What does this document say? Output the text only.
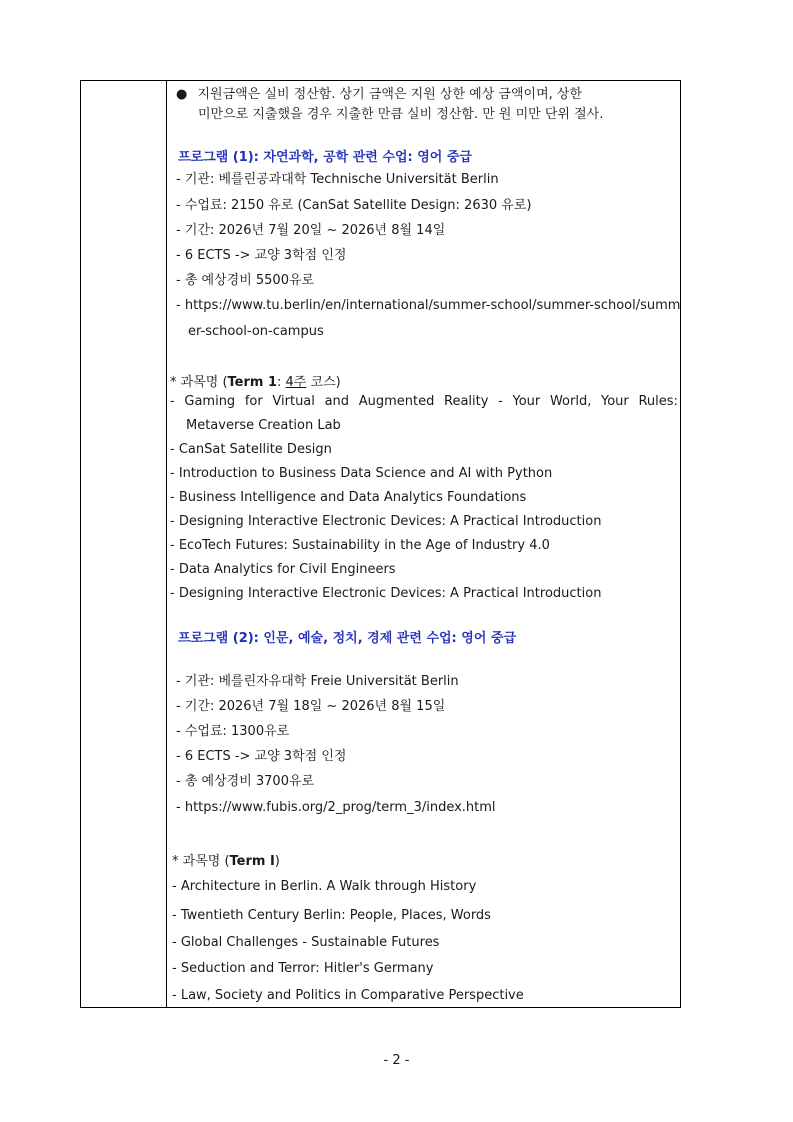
● 지원금액은 실비 정산함. 상기 금액은 지원 상한 예상 금액이며, 상한
미만으로 지출했을 경우 지출한 만큼 실비 정산함. 만 원 미만 단위 절사.
프로그램 (1): 자연과학, 공학 관련 수업: 영어 중급
- 기관: 베를린공과대학 Technische Universität Berlin
- 수업료: 2150 유로 (CanSat Satellite Design: 2630 유로)
- 기간: 2026년 7월 20일 ~ 2026년 8월 14일
- 6 ECTS -> 교양 3학점 인정
- 총 예상경비 5500유로
- https://www.tu.berlin/en/international/summer-school/summer-school/summ
er-school-on-campus
* 과목명 (Term 1: 4주 코스)
- Gaming for Virtual and Augmented Reality - Your World, Your Rules:
Metaverse Creation Lab
- CanSat Satellite Design
- Introduction to Business Data Science and AI with Python
- Business Intelligence and Data Analytics Foundations
- Designing Interactive Electronic Devices: A Practical Introduction
- EcoTech Futures: Sustainability in the Age of Industry 4.0
- Data Analytics for Civil Engineers
- Designing Interactive Electronic Devices: A Practical Introduction
프로그램 (2): 인문, 예술, 정치, 경제 관련 수업: 영어 중급
- 기관: 베를린자유대학 Freie Universität Berlin
- 기간: 2026년 7월 18일 ~ 2026년 8월 15일
- 수업료: 1300유로
- 6 ECTS -> 교양 3학점 인정
- 총 예상경비 3700유로
- https://www.fubis.org/2_prog/term_3/index.html
* 과목명 (Term I)
- Architecture in Berlin. A Walk through History
- Twentieth Century Berlin: People, Places, Words
- Global Challenges - Sustainable Futures
- Seduction and Terror: Hitler's Germany
- Law, Society and Politics in Comparative Perspective
- 2 -
